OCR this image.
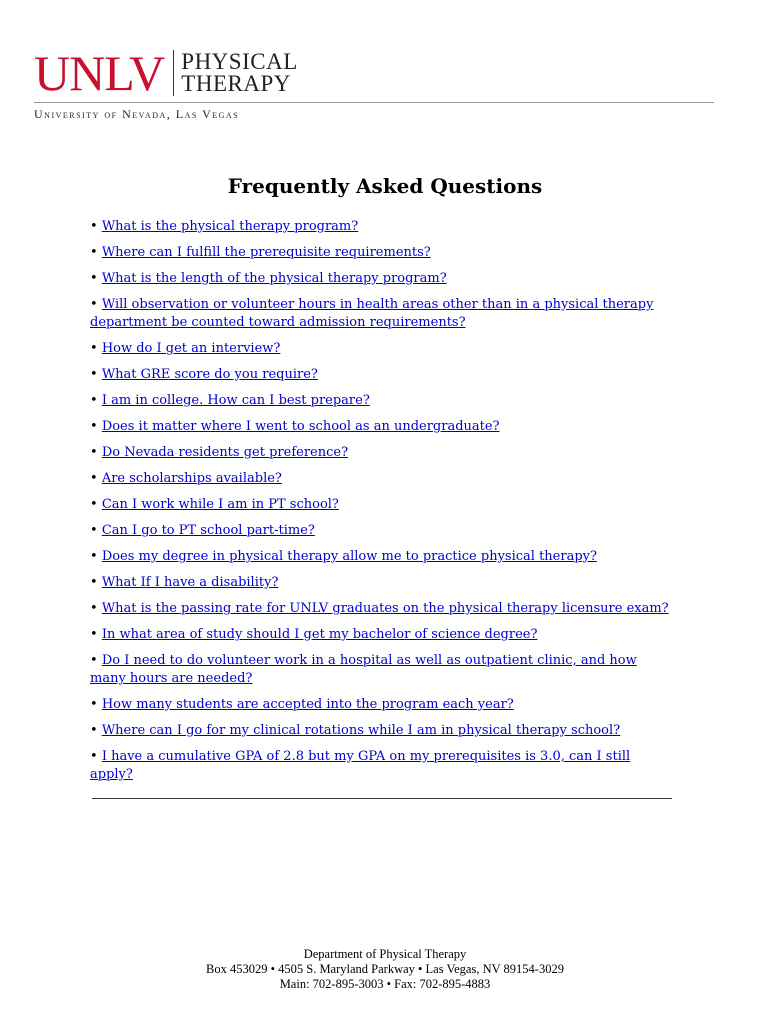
UNLV PHYSICAL
THERAPY
University of Nevada, Las Vegas
Frequently Asked Questions
• What is the physical therapy program?
• Where can I fulfill the prerequisite requirements?
• What is the length of the physical therapy program?
• Will observation or volunteer hours in health areas other than in a physical therapy department be counted toward admission requirements?
• How do I get an interview?
• What GRE score do you require?
• I am in college. How can I best prepare?
• Does it matter where I went to school as an undergraduate?
• Do Nevada residents get preference?
• Are scholarships available?
• Can I work while I am in PT school?
• Can I go to PT school part-time?
• Does my degree in physical therapy allow me to practice physical therapy?
• What If I have a disability?
• What is the passing rate for UNLV graduates on the physical therapy licensure exam?
• In what area of study should I get my bachelor of science degree?
• Do I need to do volunteer work in a hospital as well as outpatient clinic, and how many hours are needed?
• How many students are accepted into the program each year?
• Where can I go for my clinical rotations while I am in physical therapy school?
• I have a cumulative GPA of 2.8 but my GPA on my prerequisites is 3.0, can I still apply?
Department of Physical Therapy
Box 453029 • 4505 S. Maryland Parkway • Las Vegas, NV 89154-3029
Main: 702-895-3003 • Fax: 702-895-4883
